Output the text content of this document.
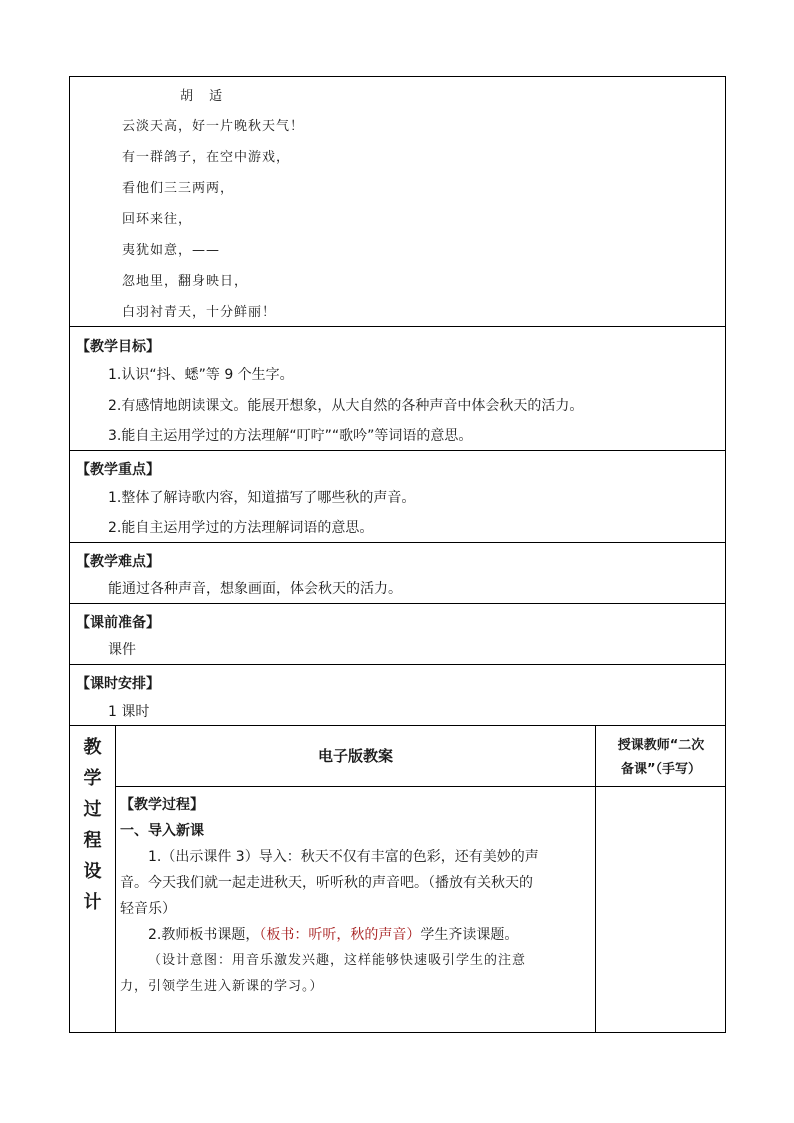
胡 适
云淡天高，好一片晚秋天气！
有一群鸽子，在空中游戏，
看他们三三两两，
回环来往，
夷犹如意，——
忽地里，翻身映日，
白羽衬青天，十分鲜丽！
【教学目标】
1.认识“抖、蟋”等 9 个生字。
2.有感情地朗读课文。能展开想象，从大自然的各种声音中体会秋天的活力。
3.能自主运用学过的方法理解“叮咛”“歌吟”等词语的意思。
【教学重点】
1.整体了解诗歌内容，知道描写了哪些秋的声音。
2.能自主运用学过的方法理解词语的意思。
【教学难点】
能通过各种声音，想象画面，体会秋天的活力。
【课前准备】
课件
【课时安排】
1 课时
教
学
过
程
设
计
电子版教案
授课教师“二次
备课”（手写）
【教学过程】
一、导入新课
1.（出示课件 3）导入：秋天不仅有丰富的色彩，还有美妙的声
音。今天我们就一起走进秋天，听听秋的声音吧。（播放有关秋天的
轻音乐）
2.教师板书课题，（板书：听听，秋的声音）学生齐读课题。
（设计意图：用音乐激发兴趣，这样能够快速吸引学生的注意
力，引领学生进入新课的学习。）
